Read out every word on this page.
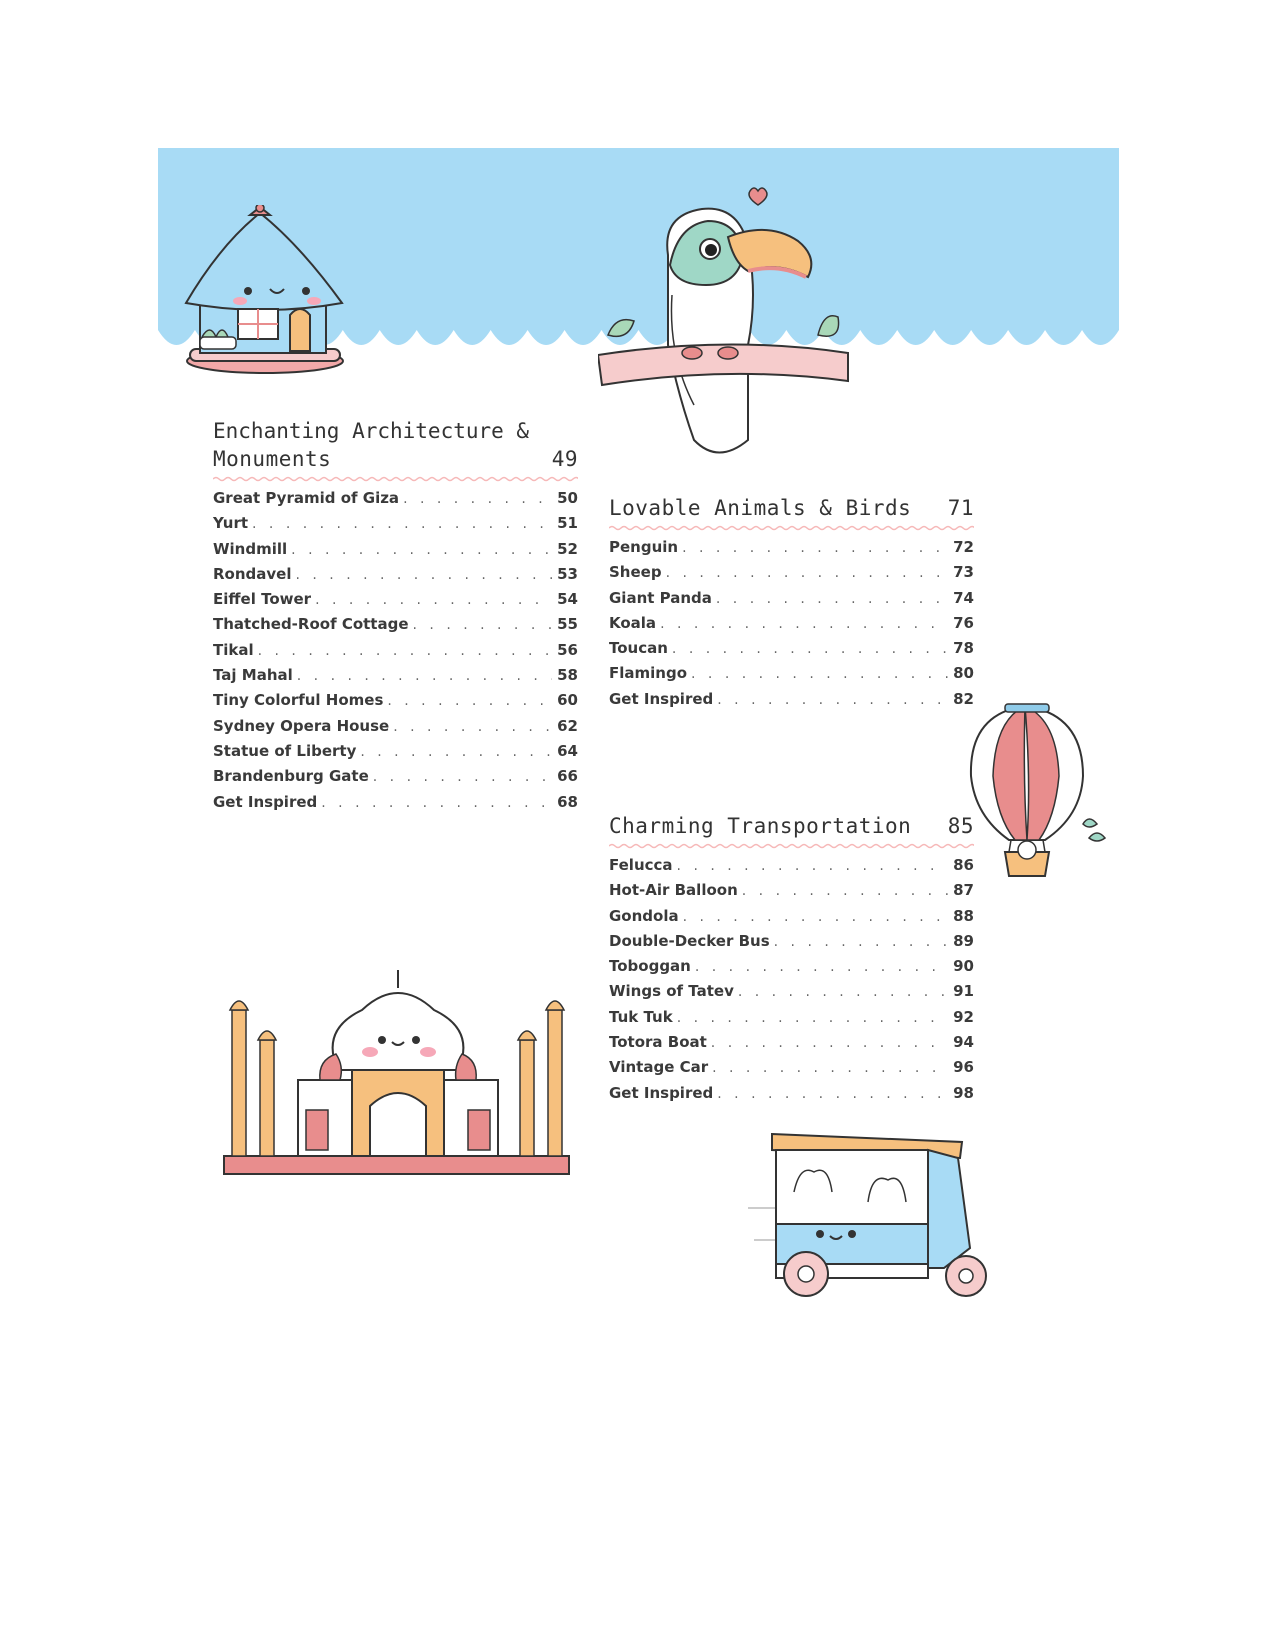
Enchanting Architecture &
Monuments	49
Great Pyramid of Giza . . .	50
Yurt . . .	51
Windmill . . .	52
Rondavel . . .	53
Eiffel Tower . . .	54
Thatched-Roof Cottage . . .	55
Tikal . . .	56
Taj Mahal . . .	58
Tiny Colorful Homes . . .	60
Sydney Opera House . . .	62
Statue of Liberty . . .	64
Brandenburg Gate . . .	66
Get Inspired . . .	68
Lovable Animals & Birds 71
Penguin . . .	72
Sheep . . .	73
Giant Panda . . .	74
Koala . . .	76
Toucan . . .	78
Flamingo . . .	80
Get Inspired . . .	82
Charming Transportation 85
Felucca . . .	86
Hot-Air Balloon . . .	87
Gondola . . .	88
Double-Decker Bus . . .	89
Toboggan . . .	90
Wings of Tatev . . .	91
Tuk Tuk . . .	92
Totora Boat . . .	94
Vintage Car . . .	96
Get Inspired . . .	98
